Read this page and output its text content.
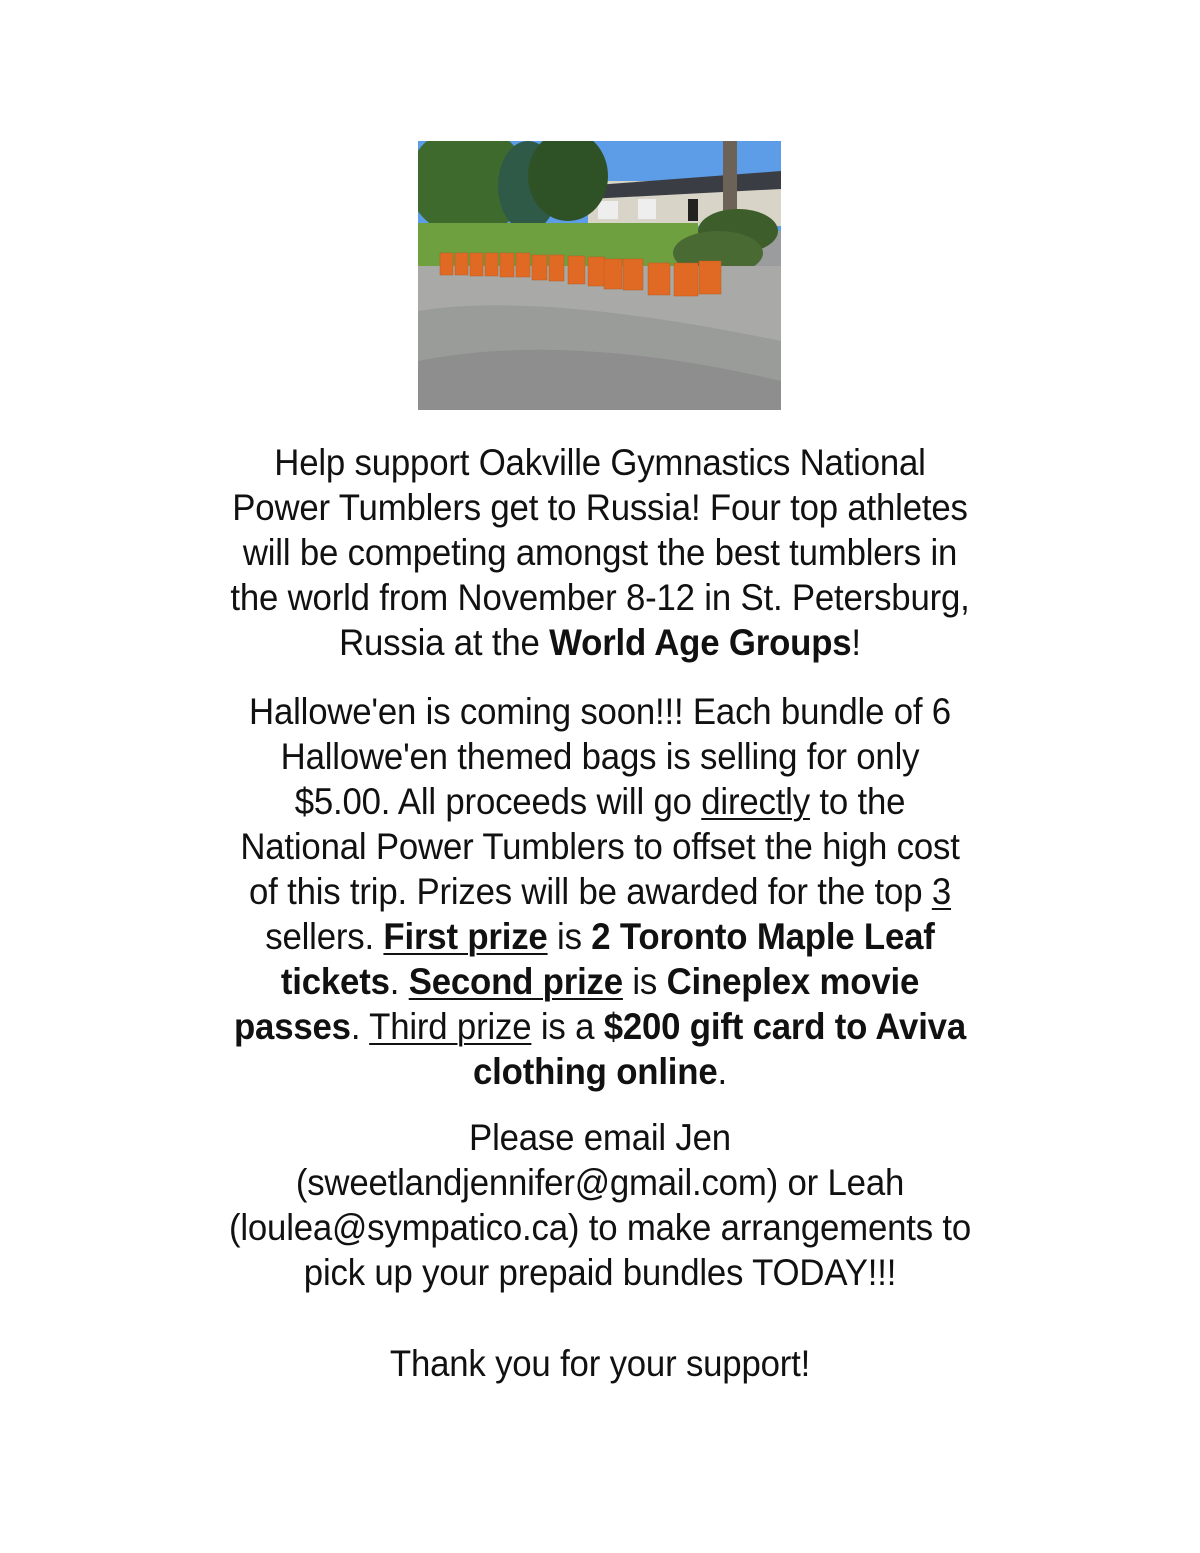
Help support Oakville Gymnastics National
Power Tumblers get to Russia! Four top athletes
will be competing amongst the best tumblers in
the world from November 8-12 in St. Petersburg,
Russia at the World Age Groups!
Hallowe'en is coming soon!!! Each bundle of 6
Hallowe'en themed bags is selling for only
$5.00. All proceeds will go directly to the
National Power Tumblers to offset the high cost
of this trip. Prizes will be awarded for the top 3
sellers. First prize is 2 Toronto Maple Leaf
tickets. Second prize is Cineplex movie
passes. Third prize is a $200 gift card to Aviva
clothing online.
Please email Jen
(sweetlandjennifer@gmail.com) or Leah
(loulea@sympatico.ca) to make arrangements to
pick up your prepaid bundles TODAY!!!
Thank you for your support!
